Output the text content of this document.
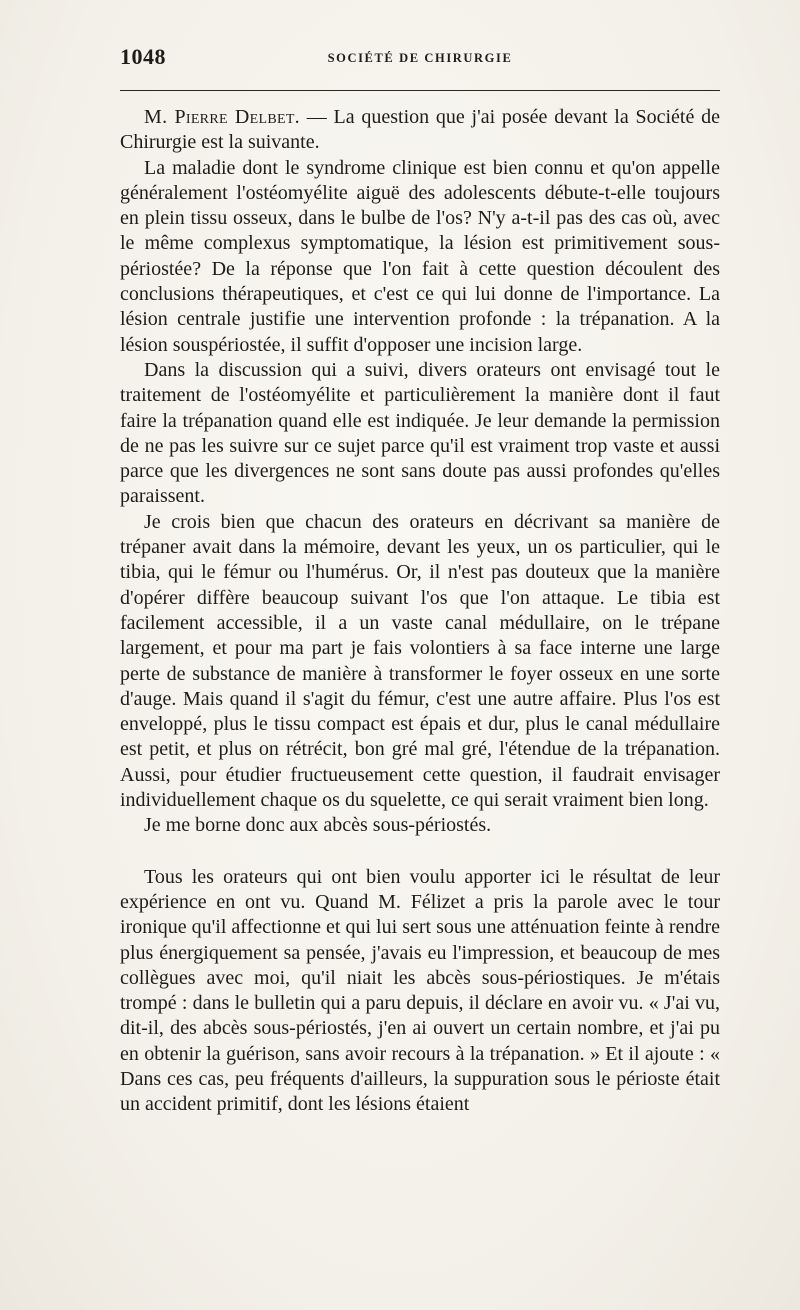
1048	SOCIÉTÉ DE CHIRURGIE

M. Pierre Delbet. — La question que j'ai posée devant la Société de Chirurgie est la suivante.

La maladie dont le syndrome clinique est bien connu et qu'on appelle généralement l'ostéomyélite aiguë des adolescents débute-t-elle toujours en plein tissu osseux, dans le bulbe de l'os? N'y a-t-il pas des cas où, avec le même complexus symptomatique, la lésion est primitivement sous-périostée? De la réponse que l'on fait à cette question découlent des conclusions thérapeutiques, et c'est ce qui lui donne de l'importance. La lésion centrale justifie une intervention profonde : la trépanation. A la lésion souspériostée, il suffit d'opposer une incision large.

Dans la discussion qui a suivi, divers orateurs ont envisagé tout le traitement de l'ostéomyélite et particulièrement la manière dont il faut faire la trépanation quand elle est indiquée. Je leur demande la permission de ne pas les suivre sur ce sujet parce qu'il est vraiment trop vaste et aussi parce que les divergences ne sont sans doute pas aussi profondes qu'elles paraissent.

Je crois bien que chacun des orateurs en décrivant sa manière de trépaner avait dans la mémoire, devant les yeux, un os particulier, qui le tibia, qui le fémur ou l'humérus. Or, il n'est pas douteux que la manière d'opérer diffère beaucoup suivant l'os que l'on attaque. Le tibia est facilement accessible, il a un vaste canal médullaire, on le trépane largement, et pour ma part je fais volontiers à sa face interne une large perte de substance de manière à transformer le foyer osseux en une sorte d'auge. Mais quand il s'agit du fémur, c'est une autre affaire. Plus l'os est enveloppé, plus le tissu compact est épais et dur, plus le canal médullaire est petit, et plus on rétrécit, bon gré mal gré, l'étendue de la trépanation. Aussi, pour étudier fructueusement cette question, il faudrait envisager individuellement chaque os du squelette, ce qui serait vraiment bien long.

Je me borne donc aux abcès sous-périostés.

Tous les orateurs qui ont bien voulu apporter ici le résultat de leur expérience en ont vu. Quand M. Félizet a pris la parole avec le tour ironique qu'il affectionne et qui lui sert sous une atténuation feinte à rendre plus énergiquement sa pensée, j'avais eu l'impression, et beaucoup de mes collègues avec moi, qu'il niait les abcès sous-périostiques. Je m'étais trompé : dans le bulletin qui a paru depuis, il déclare en avoir vu. « J'ai vu, dit-il, des abcès sous-périostés, j'en ai ouvert un certain nombre, et j'ai pu en obtenir la guérison, sans avoir recours à la trépanation. » Et il ajoute : « Dans ces cas, peu fréquents d'ailleurs, la suppuration sous le périoste était un accident primitif, dont les lésions étaient
